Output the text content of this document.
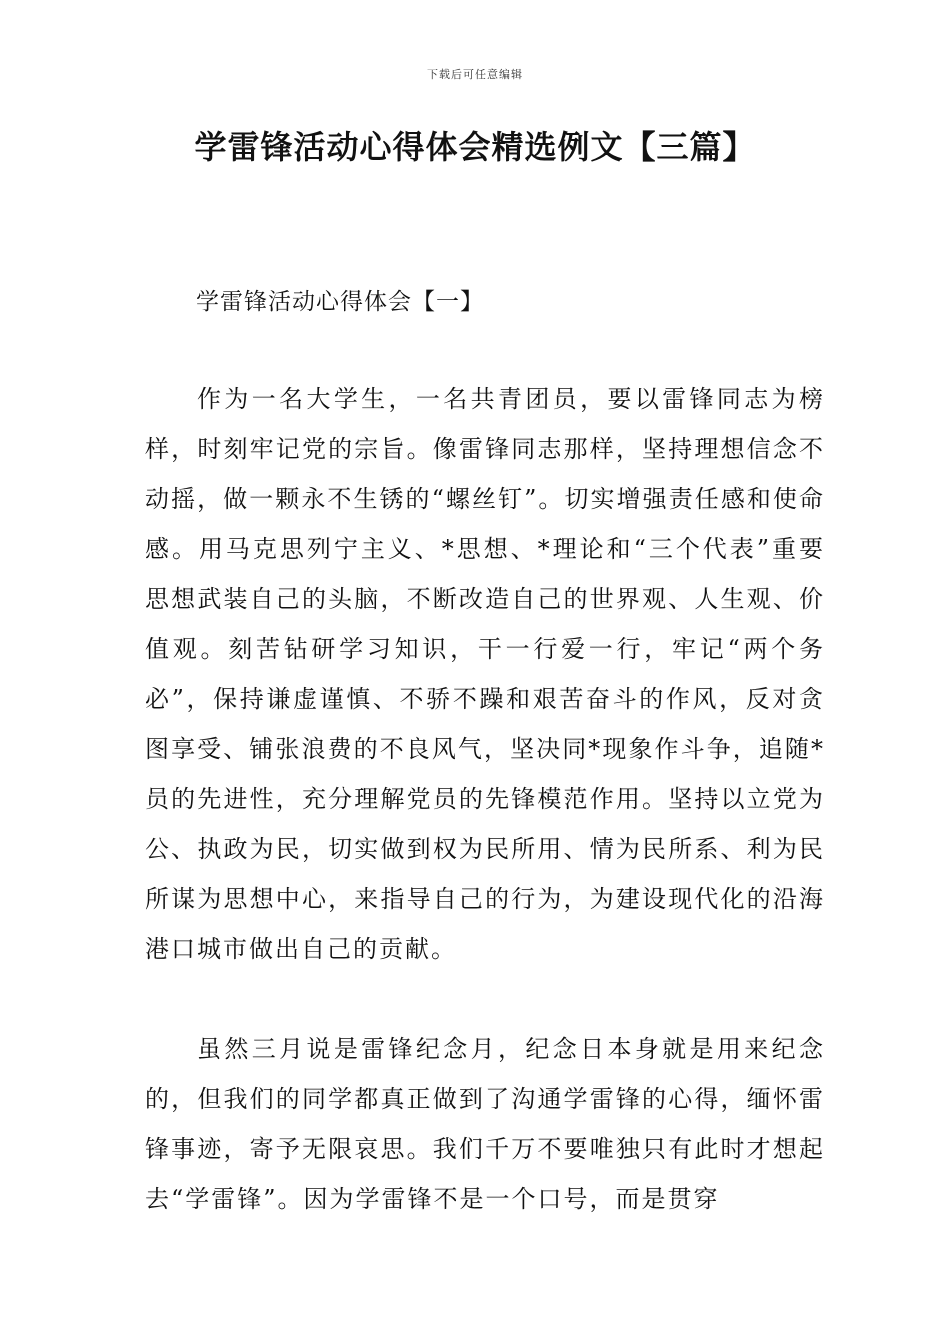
下载后可任意编辑
学雷锋活动心得体会精选例文【三篇】
学雷锋活动心得体会【一】

作为一名大学生，一名共青团员，要以雷锋同志为榜样，时刻牢记党的宗旨。像雷锋同志那样，坚持理想信念不动摇，做一颗永不生锈的“螺丝钉”。切实增强责任感和使命感。用马克思列宁主义、*思想、*理论和“三个代表”重要思想武装自己的头脑，不断改造自己的世界观、人生观、价值观。刻苦钻研学习知识，干一行爱一行，牢记“两个务必”，保持谦虚谨慎、不骄不躁和艰苦奋斗的作风，反对贪图享受、铺张浪费的不良风气，坚决同*现象作斗争，追随*员的先进性，充分理解党员的先锋模范作用。坚持以立党为公、执政为民，切实做到权为民所用、情为民所系、利为民所谋为思想中心，来指导自己的行为，为建设现代化的沿海港口城市做出自己的贡献。

虽然三月说是雷锋纪念月，纪念日本身就是用来纪念的，但我们的同学都真正做到了沟通学雷锋的心得，缅怀雷锋事迹，寄予无限哀思。我们千万不要唯独只有此时才想起去“学雷锋”。因为学雷锋不是一个口号，而是贯穿
